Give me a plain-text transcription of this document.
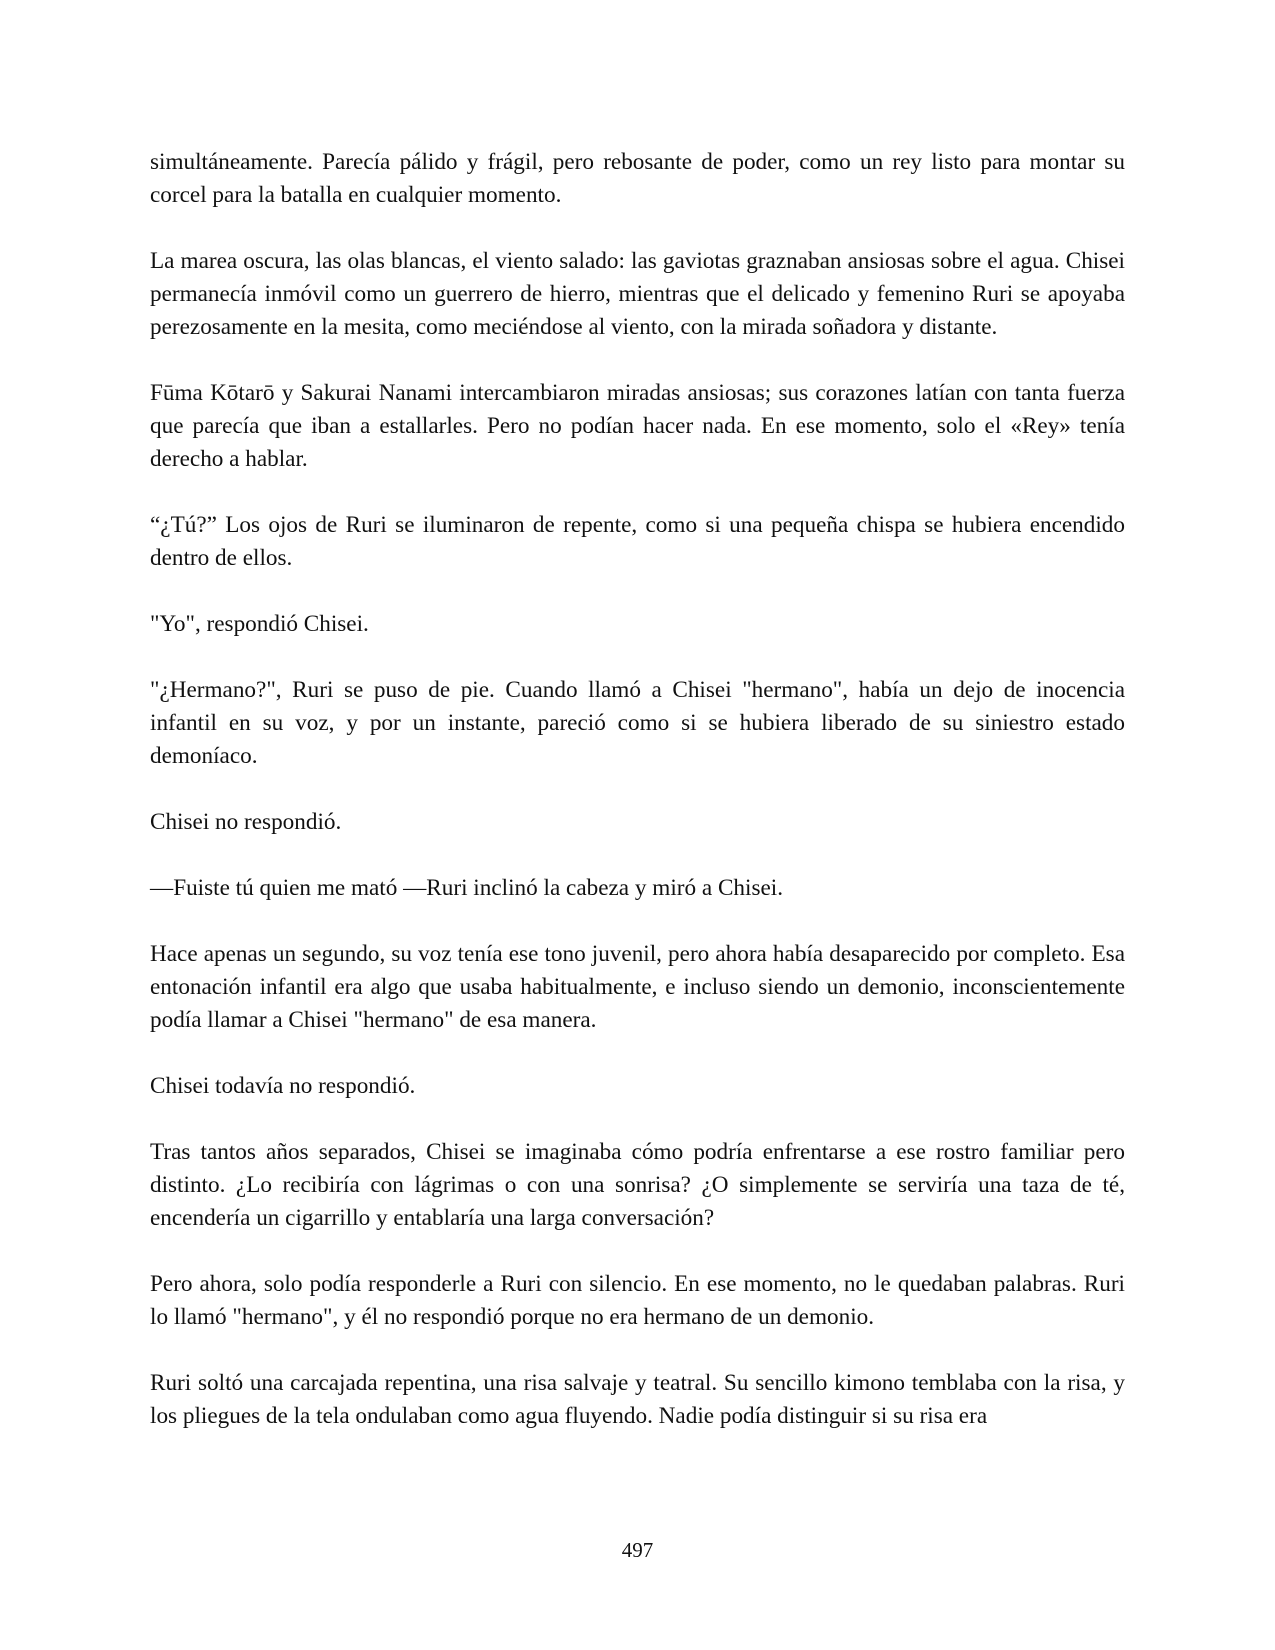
simultáneamente. Parecía pálido y frágil, pero rebosante de poder, como un rey listo para montar su corcel para la batalla en cualquier momento.

La marea oscura, las olas blancas, el viento salado: las gaviotas graznaban ansiosas sobre el agua. Chisei permanecía inmóvil como un guerrero de hierro, mientras que el delicado y femenino Ruri se apoyaba perezosamente en la mesita, como meciéndose al viento, con la mirada soñadora y distante.

Fūma Kōtarō y Sakurai Nanami intercambiaron miradas ansiosas; sus corazones latían con tanta fuerza que parecía que iban a estallarles. Pero no podían hacer nada. En ese momento, solo el «Rey» tenía derecho a hablar.

“¿Tú?” Los ojos de Ruri se iluminaron de repente, como si una pequeña chispa se hubiera encendido dentro de ellos.

"Yo", respondió Chisei.

"¿Hermano?", Ruri se puso de pie. Cuando llamó a Chisei "hermano", había un dejo de inocencia infantil en su voz, y por un instante, pareció como si se hubiera liberado de su siniestro estado demoníaco.

Chisei no respondió.

—Fuiste tú quien me mató —Ruri inclinó la cabeza y miró a Chisei.

Hace apenas un segundo, su voz tenía ese tono juvenil, pero ahora había desaparecido por completo. Esa entonación infantil era algo que usaba habitualmente, e incluso siendo un demonio, inconscientemente podía llamar a Chisei "hermano" de esa manera.

Chisei todavía no respondió.

Tras tantos años separados, Chisei se imaginaba cómo podría enfrentarse a ese rostro familiar pero distinto. ¿Lo recibiría con lágrimas o con una sonrisa? ¿O simplemente se serviría una taza de té, encendería un cigarrillo y entablaría una larga conversación?

Pero ahora, solo podía responderle a Ruri con silencio. En ese momento, no le quedaban palabras. Ruri lo llamó "hermano", y él no respondió porque no era hermano de un demonio.

Ruri soltó una carcajada repentina, una risa salvaje y teatral. Su sencillo kimono temblaba con la risa, y los pliegues de la tela ondulaban como agua fluyendo. Nadie podía distinguir si su risa era

497
